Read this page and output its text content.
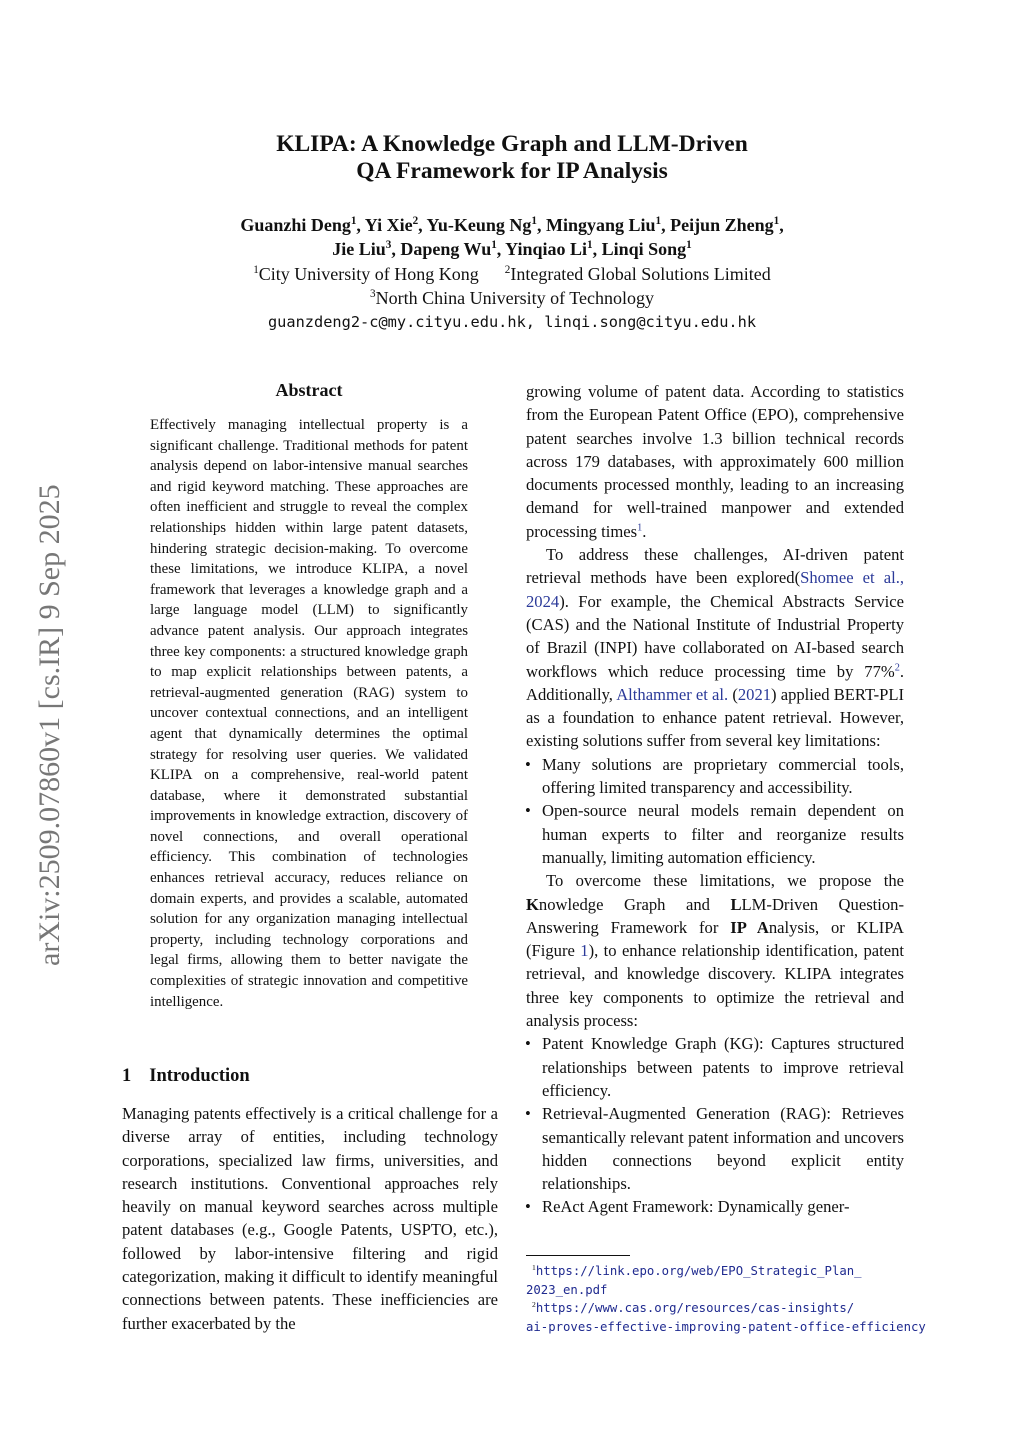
arXiv:2509.07860v1 [cs.IR] 9 Sep 2025
KLIPA: A Knowledge Graph and LLM-Driven
QA Framework for IP Analysis
Guanzhi Deng$^1$, Yi Xie$^2$, Yu-Keung Ng$^1$, Mingyang Liu$^1$, Peijun Zheng$^1$,
Jie Liu$^3$, Dapeng Wu$^1$, Yinqiao Li$^1$, Linqi Song$^1$
$^1$City University of Hong Kong $^2$Integrated Global Solutions Limited
$^3$North China University of Technology
guanzdeng2-c@my.cityu.edu.hk, linqi.song@cityu.edu.hk
Abstract
Effectively managing intellectual property is a significant challenge. Traditional methods for patent analysis depend on labor-intensive manual searches and rigid keyword matching. These approaches are often inefficient and struggle to reveal the complex relationships hidden within large patent datasets, hindering strategic decision-making. To overcome these limitations, we introduce KLIPA, a novel framework that leverages a knowledge graph and a large language model (LLM) to significantly advance patent analysis. Our approach integrates three key components: a structured knowledge graph to map explicit relationships between patents, a retrieval-augmented generation (RAG) system to uncover contextual connections, and an intelligent agent that dynamically determines the optimal strategy for resolving user queries. We validated KLIPA on a comprehensive, real-world patent database, where it demonstrated substantial improvements in knowledge extraction, discovery of novel connections, and overall operational efficiency. This combination of technologies enhances retrieval accuracy, reduces reliance on domain experts, and provides a scalable, automated solution for any organization managing intellectual property, including technology corporations and legal firms, allowing them to better navigate the complexities of strategic innovation and competitive intelligence.
1 Introduction
Managing patents effectively is a critical challenge for a diverse array of entities, including technology corporations, specialized law firms, universities, and research institutions. Conventional approaches rely heavily on manual keyword searches across multiple patent databases (e.g., Google Patents, USPTO, etc.), followed by labor-intensive filtering and rigid categorization, making it difficult to identify meaningful connections between patents. These inefficiencies are further exacerbated by the

growing volume of patent data. According to statistics from the European Patent Office (EPO), comprehensive patent searches involve 1.3 billion technical records across 179 databases, with approximately 600 million documents processed monthly, leading to an increasing demand for well-trained manpower and extended processing times$^1$.

To address these challenges, AI-driven patent retrieval methods have been explored(Shomee et al., 2024). For example, the Chemical Abstracts Service (CAS) and the National Institute of Industrial Property of Brazil (INPI) have collaborated on AI-based search workflows which reduce processing time by 77%$^2$. Additionally, Althammer et al. (2021) applied BERT-PLI as a foundation to enhance patent retrieval. However, existing solutions suffer from several key limitations:

• Many solutions are proprietary commercial tools, offering limited transparency and accessibility.
• Open-source neural models remain dependent on human experts to filter and reorganize results manually, limiting automation efficiency.

To overcome these limitations, we propose the Knowledge Graph and LLM-Driven Question-Answering Framework for IP Analysis, or KLIPA (Figure 1), to enhance relationship identification, patent retrieval, and knowledge discovery. KLIPA integrates three key components to optimize the retrieval and analysis process:

• Patent Knowledge Graph (KG): Captures structured relationships between patents to improve retrieval efficiency.
• Retrieval-Augmented Generation (RAG): Retrieves semantically relevant patent information and uncovers hidden connections beyond explicit entity relationships.
• ReAct Agent Framework: Dynamically gener-
$^1$https://link.epo.org/web/EPO_Strategic_Plan_
2023_en.pdf
$^2$https://www.cas.org/resources/cas-insights/
ai-proves-effective-improving-patent-office-efficiency
